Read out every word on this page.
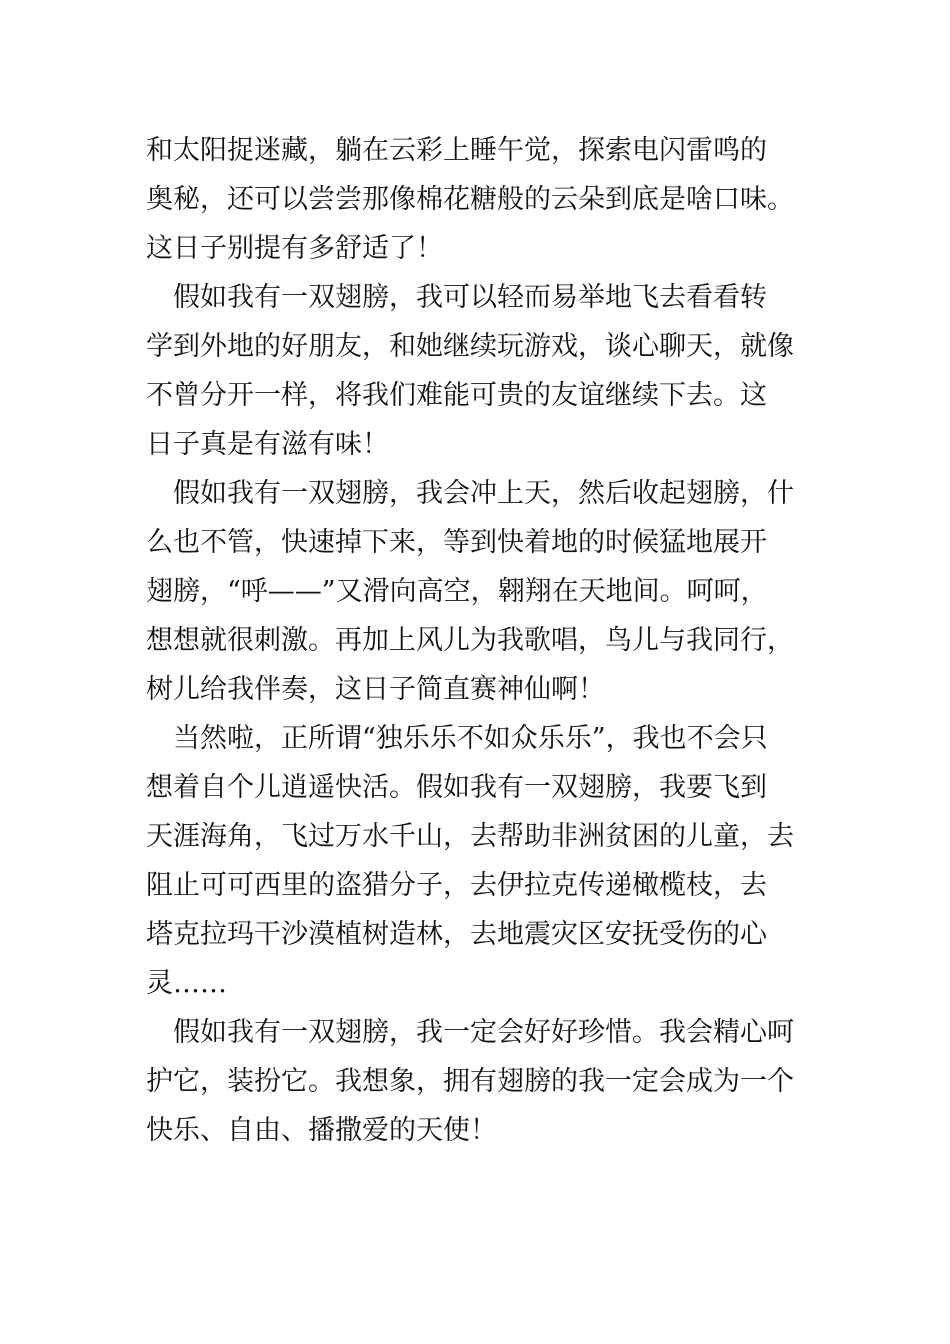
和太阳捉迷藏，躺在云彩上睡午觉，探索电闪雷鸣的
奥秘，还可以尝尝那像棉花糖般的云朵到底是啥口味。
这日子别提有多舒适了！

　假如我有一双翅膀，我可以轻而易举地飞去看看转
学到外地的好朋友，和她继续玩游戏，谈心聊天，就像
不曾分开一样，将我们难能可贵的友谊继续下去。这
日子真是有滋有味！

　假如我有一双翅膀，我会冲上天，然后收起翅膀，什
么也不管，快速掉下来，等到快着地的时候猛地展开
翅膀，“呼——”又滑向高空，翱翔在天地间。呵呵，
想想就很刺激。再加上风儿为我歌唱，鸟儿与我同行，
树儿给我伴奏，这日子简直赛神仙啊！

　当然啦，正所谓“独乐乐不如众乐乐”，我也不会只
想着自个儿逍遥快活。假如我有一双翅膀，我要飞到
天涯海角，飞过万水千山，去帮助非洲贫困的儿童，去
阻止可可西里的盗猎分子，去伊拉克传递橄榄枝，去
塔克拉玛干沙漠植树造林，去地震灾区安抚受伤的心
灵……

　假如我有一双翅膀，我一定会好好珍惜。我会精心呵
护它，装扮它。我想象，拥有翅膀的我一定会成为一个
快乐、自由、播撒爱的天使！
